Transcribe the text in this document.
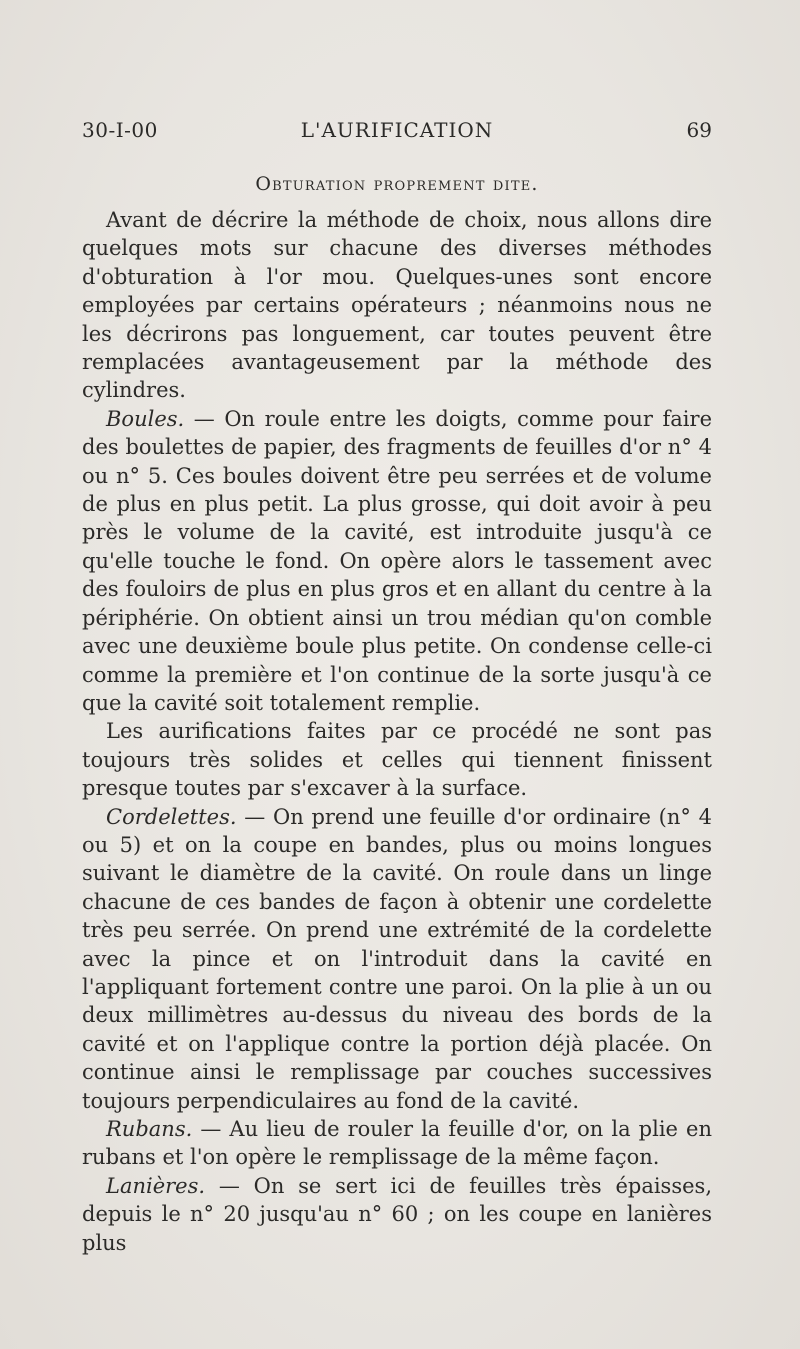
30-I-00	L'AURIFICATION	69
Obturation proprement dite.

Avant de décrire la méthode de choix, nous allons dire quelques mots sur chacune des diverses méthodes d'obturation à l'or mou. Quelques-unes sont encore employées par certains opérateurs ; néanmoins nous ne les décrirons pas longuement, car toutes peuvent être remplacées avantageusement par la méthode des cylindres.

Boules. — On roule entre les doigts, comme pour faire des boulettes de papier, des fragments de feuilles d'or n° 4 ou n° 5. Ces boules doivent être peu serrées et de volume de plus en plus petit. La plus grosse, qui doit avoir à peu près le volume de la cavité, est introduite jusqu'à ce qu'elle touche le fond. On opère alors le tassement avec des fouloirs de plus en plus gros et en allant du centre à la périphérie. On obtient ainsi un trou médian qu'on comble avec une deuxième boule plus petite. On condense celle-ci comme la première et l'on continue de la sorte jusqu'à ce que la cavité soit totalement remplie.

Les aurifications faites par ce procédé ne sont pas toujours très solides et celles qui tiennent finissent presque toutes par s'excaver à la surface.

Cordelettes. — On prend une feuille d'or ordinaire (n° 4 ou 5) et on la coupe en bandes, plus ou moins longues suivant le diamètre de la cavité. On roule dans un linge chacune de ces bandes de façon à obtenir une cordelette très peu serrée. On prend une extrémité de la cordelette avec la pince et on l'introduit dans la cavité en l'appliquant fortement contre une paroi. On la plie à un ou deux millimètres au-dessus du niveau des bords de la cavité et on l'applique contre la portion déjà placée. On continue ainsi le remplissage par couches successives toujours perpendiculaires au fond de la cavité.

Rubans. — Au lieu de rouler la feuille d'or, on la plie en rubans et l'on opère le remplissage de la même façon.

Lanières. — On se sert ici de feuilles très épaisses, depuis le n° 20 jusqu'au n° 60 ; on les coupe en lanières plus
